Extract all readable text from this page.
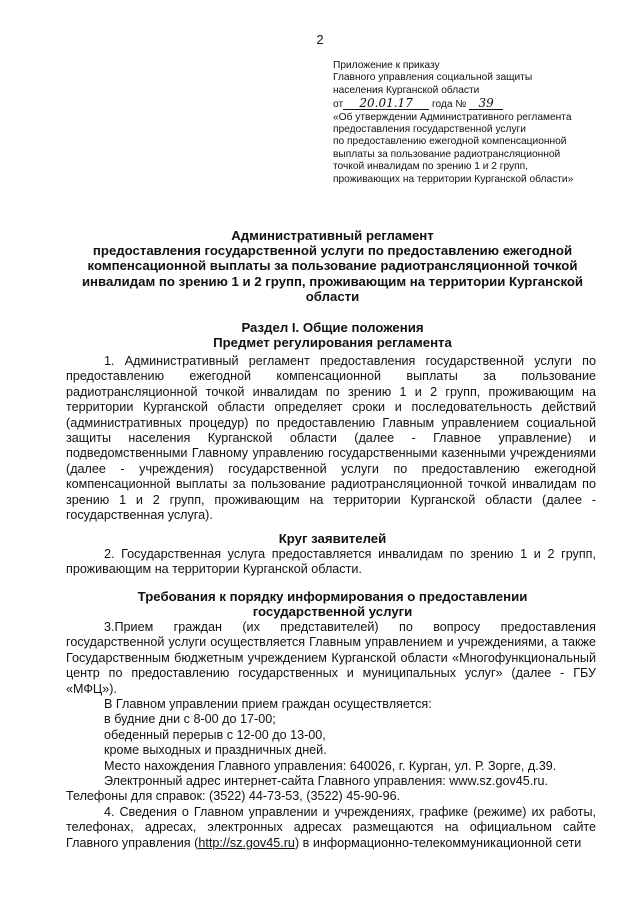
2
Приложение к приказу
Главного управления социальной защиты
населения Курганской области
от 20.01.17 года № 39
«Об утверждении Административного регламента
предоставления государственной услуги
по предоставлению ежегодной компенсационной
выплаты за пользование радиотрансляционной
точкой инвалидам по зрению 1 и 2 групп,
проживающих на территории Курганской области»

Административный регламент

предоставления государственной услуги по предоставлению ежегодной компенсационной выплаты за пользование радиотрансляционной точкой инвалидам по зрению 1 и 2 групп, проживающим на территории Курганской области

Раздел I. Общие положения

Предмет регулирования регламента

1. Административный регламент предоставления государственной услуги по предоставлению ежегодной компенсационной выплаты за пользование радиотрансляционной точкой инвалидам по зрению 1 и 2 групп, проживающим на территории Курганской области определяет сроки и последовательность действий (административных процедур) по предоставлению Главным управлением социальной защиты населения Курганской области (далее - Главное управление) и подведомственными Главному управлению государственными казенными учреждениями (далее - учреждения) государственной услуги по предоставлению ежегодной компенсационной выплаты за пользование радиотрансляционной точкой инвалидам по зрению 1 и 2 групп, проживающим на территории Курганской области (далее - государственная услуга).

Круг заявителей

2. Государственная услуга предоставляется инвалидам по зрению 1 и 2 групп, проживающим на территории Курганской области.

Требования к порядку информирования о предоставлении государственной услуги

3.Прием граждан (их представителей) по вопросу предоставления государственной услуги осуществляется Главным управлением и учреждениями, а также Государственным бюджетным учреждением Курганской области «Многофункциональный центр по предоставлению государственных и муниципальных услуг» (далее - ГБУ «МФЦ»).

В Главном управлении прием граждан осуществляется:
в будние дни с 8-00 до 17-00;
обеденный перерыв с 12-00 до 13-00,
кроме выходных и праздничных дней.
Место нахождения Главного управления: 640026, г. Курган, ул. Р. Зорге, д.39.
Электронный адрес интернет-сайта Главного управления: www.sz.gov45.ru.
Телефоны для справок: (3522) 44-73-53, (3522) 45-90-96.

4. Сведения о Главном управлении и учреждениях, графике (режиме) их работы, телефонах, адресах, электронных адресах размещаются на официальном сайте Главного управления (http://sz.gov45.ru) в информационно-телекоммуникационной сети
